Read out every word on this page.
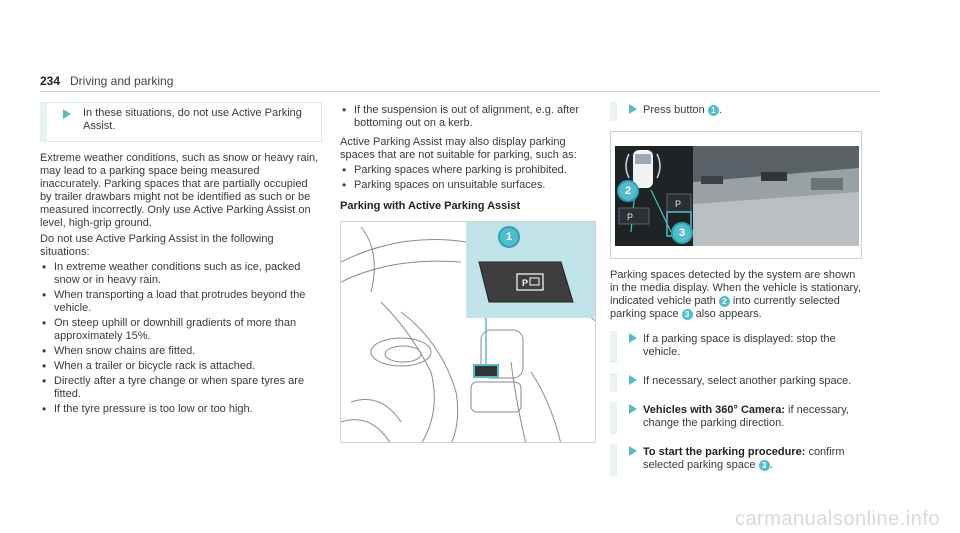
234 Driving and parking
In these situations, do not use Active Parking Assist.

Extreme weather conditions, such as snow or heavy rain, may lead to a parking space being measured inaccurately. Parking spaces that are partially occupied by trailer drawbars might not be identified as such or be measured incorrectly. Only use Active Parking Assist on level, high-grip ground.

Do not use Active Parking Assist in the following situations:

• In extreme weather conditions such as ice, packed snow or in heavy rain.
• When transporting a load that protrudes beyond the vehicle.
• On steep uphill or downhill gradients of more than approximately 15%.
• When snow chains are fitted.
• When a trailer or bicycle rack is attached.
• Directly after a tyre change or when spare tyres are fitted.
• If the tyre pressure is too low or too high.
• If the suspension is out of alignment, e.g. after bottoming out on a kerb.

Active Parking Assist may also display parking spaces that are not suitable for parking, such as:

• Parking spaces where parking is prohibited.
• Parking spaces on unsuitable surfaces.
Parking with Active Parking Assist
P
1
Press button 1 .
P
P
2
3

Parking spaces detected by the system are shown in the media display. When the vehicle is stationary, indicated vehicle path 2 into currently selected parking space 3 also appears.

If a parking space is displayed: stop the vehicle.
If necessary, select another parking space.
Vehicles with 360° Camera: if necessary, change the parking direction.
To start the parking procedure: confirm selected parking space 3 .
carmanualsonline.info
